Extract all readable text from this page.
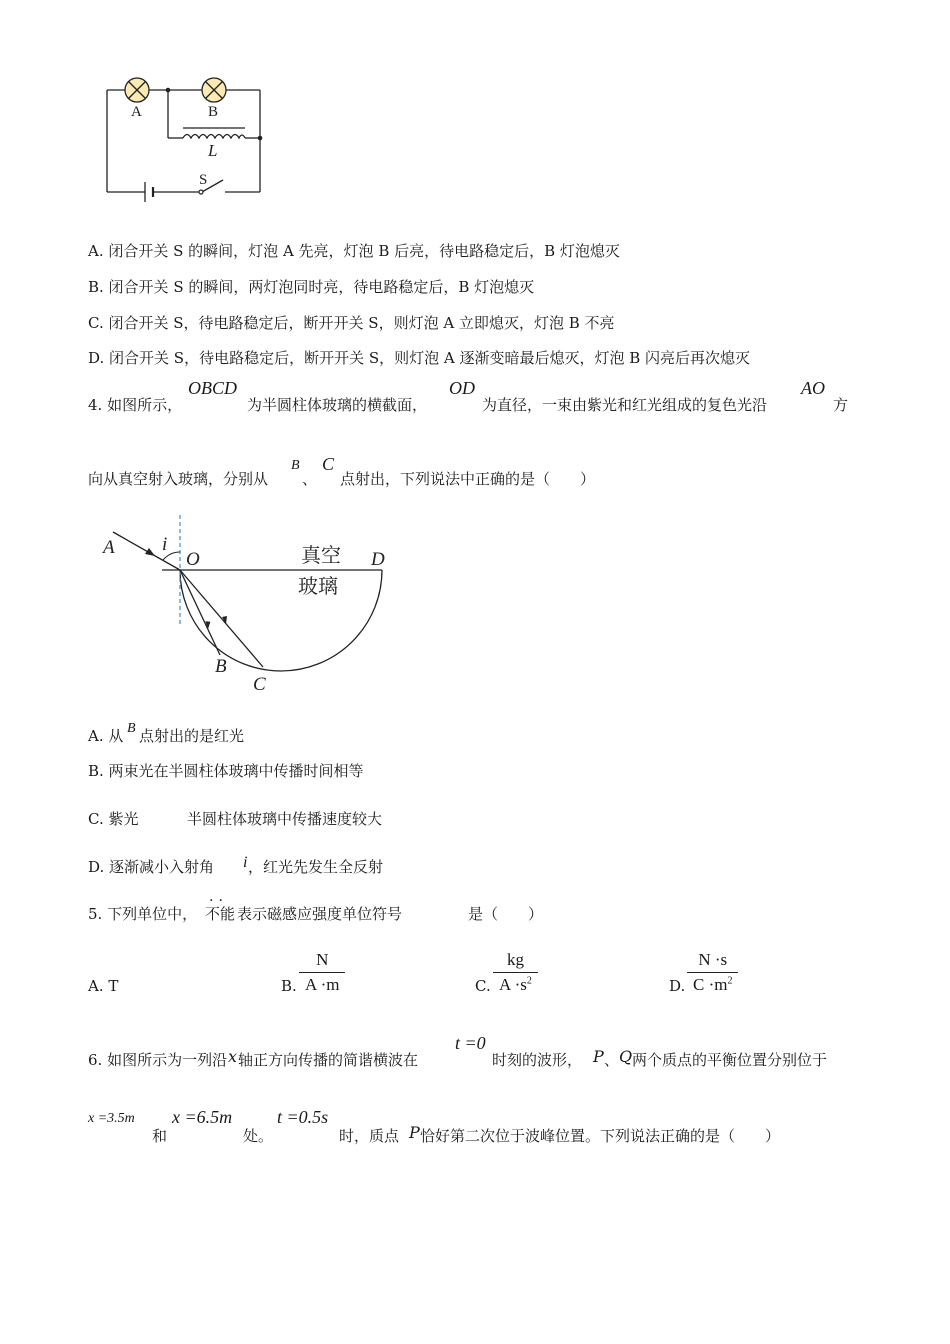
A	B
L
S
A. 闭合开关 S 的瞬间，灯泡 A 先亮，灯泡 B 后亮，待电路稳定后，B 灯泡熄灭
B. 闭合开关 S 的瞬间，两灯泡同时亮，待电路稳定后，B 灯泡熄灭
C. 闭合开关 S，待电路稳定后，断开开关 S，则灯泡 A 立即熄灭，灯泡 B 不亮
D. 闭合开关 S，待电路稳定后，断开开关 S，则灯泡 A 逐渐变暗最后熄灭，灯泡 B 闪亮后再次熄灭
4. 如图所示，
OBCD
为半圆柱体玻璃的横截面，
OD
为直径，一束由紫光和红光组成的复色光沿
AO
方
向从真空射入玻璃，分别从
B
、
C
点射出，下列说法中正确的是（　　）
A i
O	D
真空
玻璃
B
C
A. 从 B 点射出的是红光
B. 两束光在半圆柱体玻璃中传播时间相等
C. 紫光	半圆柱体玻璃中传播速度较大
D. 逐渐减小入射角 i ，红光先发生全反射
5. 下列单位中，
··
不能 表示磁感应强度单位符号	是（　　）
A. T	B. $\frac{N}{A \cdot m}$	C. $\frac{kg}{A \cdot s^2}$	D. $\frac{N \cdot s}{C \cdot m^2}$
6. 如图所示为一列沿 x 轴正方向传播的简谐横波在
t =0
时刻的波形， P 、 Q 两个质点的平衡位置分别位于
x =3.5m
和
x =6.5m
处。
t =0.5s
时，质点 P 恰好第二次位于波峰位置。下列说法正确的是（　　）
